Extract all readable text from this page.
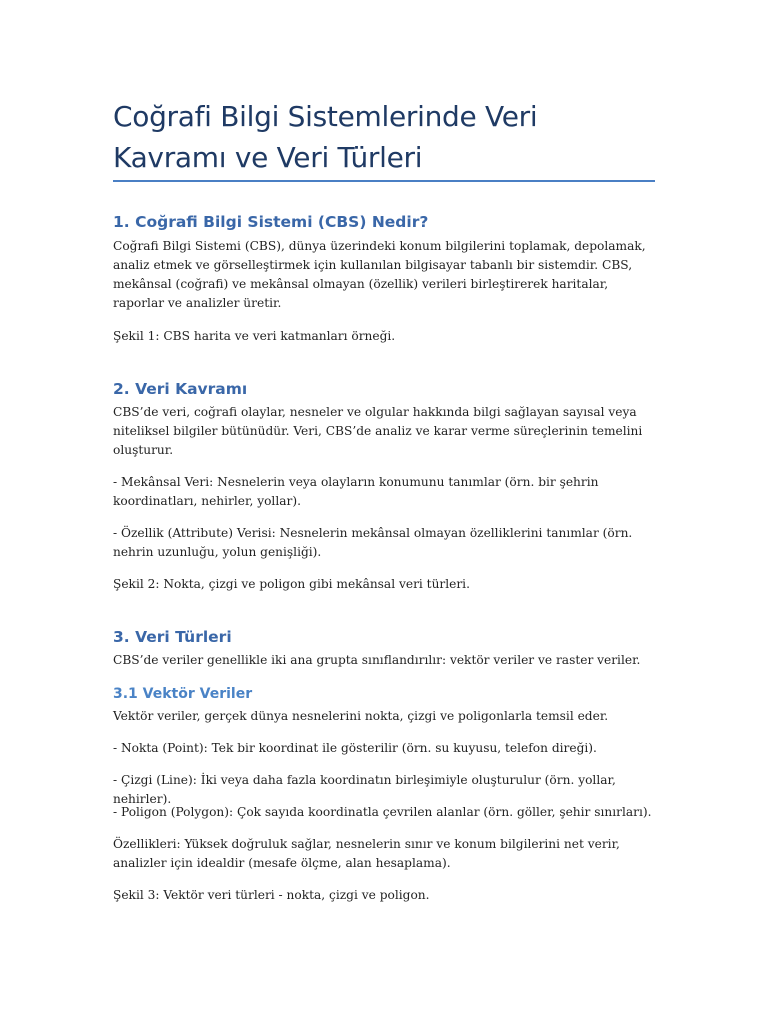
Coğrafi Bilgi Sistemlerinde Veri Kavramı ve Veri Türleri
1. Coğrafi Bilgi Sistemi (CBS) Nedir?

Coğrafi Bilgi Sistemi (CBS), dünya üzerindeki konum bilgilerini toplamak, depolamak, analiz etmek ve görselleştirmek için kullanılan bilgisayar tabanlı bir sistemdir. CBS, mekânsal (coğrafi) ve mekânsal olmayan (özellik) verileri birleştirerek haritalar, raporlar ve analizler üretir.

Şekil 1: CBS harita ve veri katmanları örneği.

2. Veri Kavramı

CBS’de veri, coğrafi olaylar, nesneler ve olgular hakkında bilgi sağlayan sayısal veya niteliksel bilgiler bütünüdür. Veri, CBS’de analiz ve karar verme süreçlerinin temelini oluşturur.

- Mekânsal Veri: Nesnelerin veya olayların konumunu tanımlar (örn. bir şehrin koordinatları, nehirler, yollar).

- Özellik (Attribute) Verisi: Nesnelerin mekânsal olmayan özelliklerini tanımlar (örn. nehrin uzunluğu, yolun genişliği).

Şekil 2: Nokta, çizgi ve poligon gibi mekânsal veri türleri.

3. Veri Türleri

CBS’de veriler genellikle iki ana grupta sınıflandırılır: vektör veriler ve raster veriler.

3.1 Vektör Veriler

Vektör veriler, gerçek dünya nesnelerini nokta, çizgi ve poligonlarla temsil eder.

- Nokta (Point): Tek bir koordinat ile gösterilir (örn. su kuyusu, telefon direği).

- Çizgi (Line): İki veya daha fazla koordinatın birleşimiyle oluşturulur (örn. yollar, nehirler).

- Poligon (Polygon): Çok sayıda koordinatla çevrilen alanlar (örn. göller, şehir sınırları).

Özellikleri: Yüksek doğruluk sağlar, nesnelerin sınır ve konum bilgilerini net verir, analizler için idealdir (mesafe ölçme, alan hesaplama).

Şekil 3: Vektör veri türleri - nokta, çizgi ve poligon.
